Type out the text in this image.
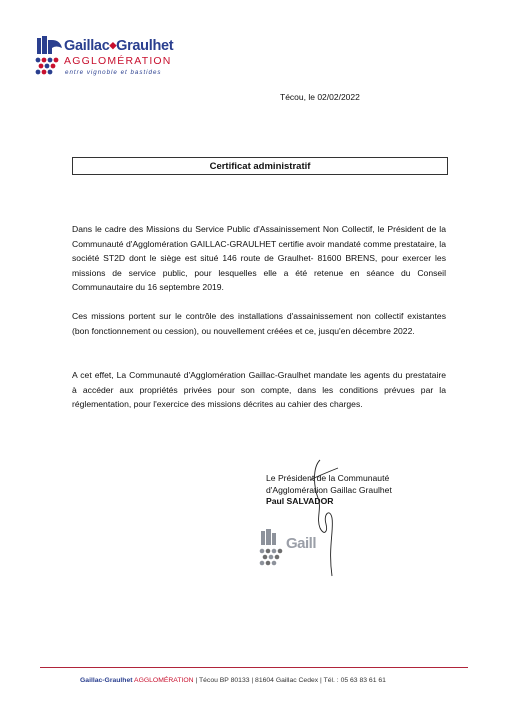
Gaillac◆Graulhet
AGGLOMÉRATION
entre vignoble et bastides
Técou, le 02/02/2022
Certificat administratif

Dans le cadre des Missions du Service Public d'Assainissement Non Collectif, le Président de la Communauté d'Agglomération GAILLAC-GRAULHET certifie avoir mandaté comme prestataire, la société ST2D dont le siège est situé 146 route de Graulhet- 81600 BRENS, pour exercer les missions de service public, pour lesquelles elle a été retenue en séance du Conseil Communautaire du 16 septembre 2019.

Ces missions portent sur le contrôle des installations d'assainissement non collectif existantes (bon fonctionnement ou cession), ou nouvellement créées et ce, jusqu'en décembre 2022.

A cet effet, La Communauté d'Agglomération Gaillac-Graulhet mandate les agents du prestataire à accéder aux propriétés privées pour son compte, dans les conditions prévues par la réglementation, pour l'exercice des missions décrites au cahier des charges.

Le Président de la Communauté
d'Agglomération Gaillac Graulhet
Paul SALVADOR
Gaill
Gaillac-Graulhet AGGLOMÉRATION | Técou BP 80133 | 81604 Gaillac Cedex | Tél. : 05 63 83 61 61
